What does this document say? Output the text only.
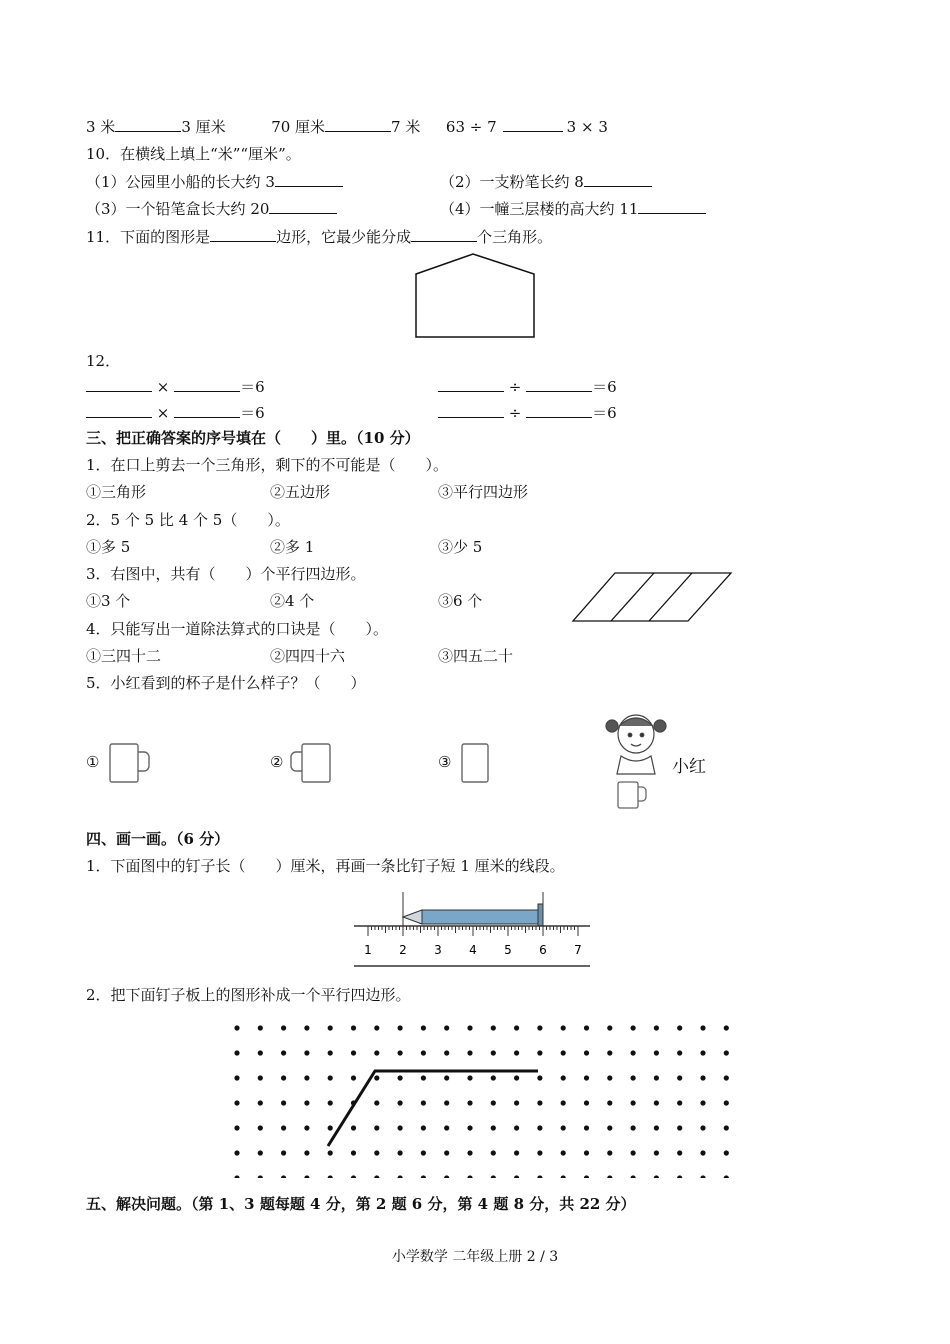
3 米	3 厘米	70 厘米	7 米 63 ÷ 7	3 × 3
10．在横线上填上“米”“厘米”。
（1）公园里小船的长大约 3	（2）一支粉笔长约 8
（3）一个铅笔盒长大约 20	（4）一幢三层楼的高大约 11
11．下面的图形是	边形，它最少能分成	个三角形。
12．
×	＝6	÷	＝6
×	＝6	÷	＝6
三、把正确答案的序号填在（　　）里。（10 分）
1．在口上剪去一个三角形，剩下的不可能是（　　）。
①三角形	②五边形	③平行四边形
2．5 个 5 比 4 个 5（　　）。
①多 5	②多 1	③少 5
3．右图中，共有（　　）个平行四边形。
①3 个	②4 个	③6 个
4．只能写出一道除法算式的口诀是（　　）。
①三四十二	②四四十六	③四五二十
5．小红看到的杯子是什么样子？（　　）
①	②	③	小红
四、画一画。（6 分）
1．下面图中的钉子长（　　）厘米，再画一条比钉子短 1 厘米的线段。
1 2 3 4 5 6 7
2．把下面钉子板上的图形补成一个平行四边形。
五、解决问题。（第 1、3 题每题 4 分，第 2 题 6 分，第 4 题 8 分，共 22 分）
小学数学 二年级上册 2 / 3
